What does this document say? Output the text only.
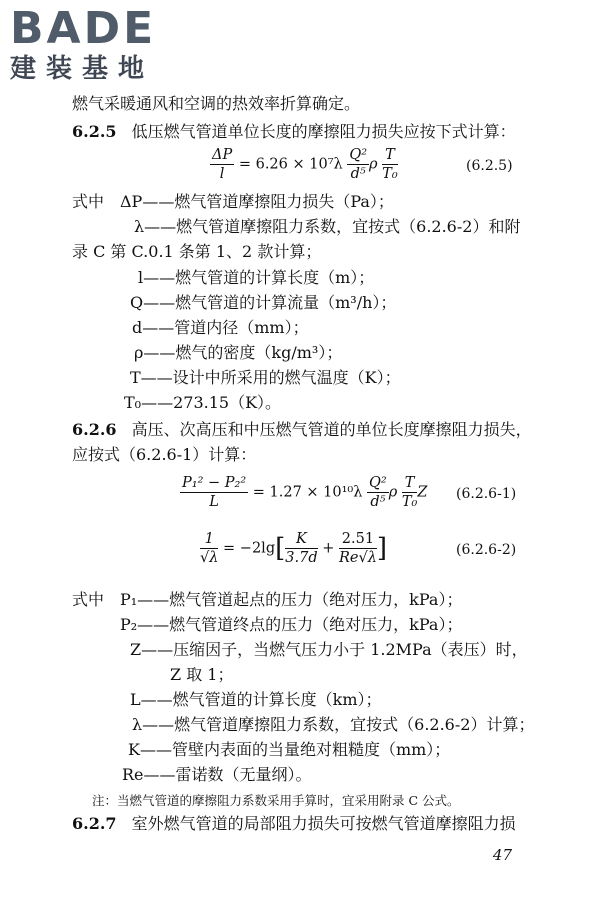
BADE
建装基地
燃气采暖通风和空调的热效率折算确定。
6.2.5 低压燃气管道单位长度的摩擦阻力损失应按下式计算：
$\frac{\Delta P}{l} = 6.26 \times 10^7\lambda \frac{\text{Q²}}{\text{d⁵}}$ ρ $\frac{T}{\text{T₀}}$	(6.2.5)
式中 ΔP——燃气管道摩擦阻力损失（Pa）；
λ——燃气管道摩擦阻力系数，宜按式（6.2.6-2）和附
录 C 第 C.0.1 条第 1、2 款计算；
l——燃气管道的计算长度（m）；
Q——燃气管道的计算流量（m³/h）；
d——管道内径（mm）；
ρ——燃气的密度（kg/m³）；
T——设计中所采用的燃气温度（K）；
T₀——273.15（K）。
6.2.6 高压、次高压和中压燃气管道的单位长度摩擦阻力损失，
应按式（6.2.6-1）计算：
$\frac{\text{P₁² − P₂²}}{L} = 1.27 \times 10^{10}\lambda \frac{\text{Q²}}{\text{d⁵}}$ ρ $\frac{T}{\text{T₀}}$ Z (6.2.6-1)
$\frac{1}{√\lambda} = -2\lg[ \frac{K}{3.7d} + \frac{2.51}{Re√\lambda}$ ]	(6.2.6-2)
式中 P₁——燃气管道起点的压力（绝对压力，kPa）；
P₂——燃气管道终点的压力（绝对压力，kPa）；
Z——压缩因子，当燃气压力小于 1.2MPa（表压）时，
Z 取 1；
L——燃气管道的计算长度（km）；
λ——燃气管道摩擦阻力系数，宜按式（6.2.6-2）计算；
K——管壁内表面的当量绝对粗糙度（mm）；
Re——雷诺数（无量纲）。
注：当燃气管道的摩擦阻力系数采用手算时，宜采用附录 C 公式。
6.2.7 室外燃气管道的局部阻力损失可按燃气管道摩擦阻力损
47
